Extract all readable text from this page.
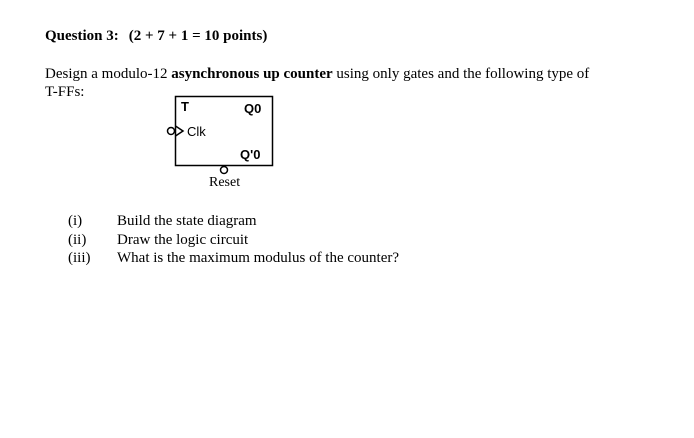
Question 3: (2 + 7 + 1 = 10 points)
Design a modulo-12 asynchronous up counter using only gates and the following type of
T-FFs:
T	Q0
Clk
Q'0
Reset
(i)	Build the state diagram
(ii)	Draw the logic circuit
(iii)	What is the maximum modulus of the counter?
